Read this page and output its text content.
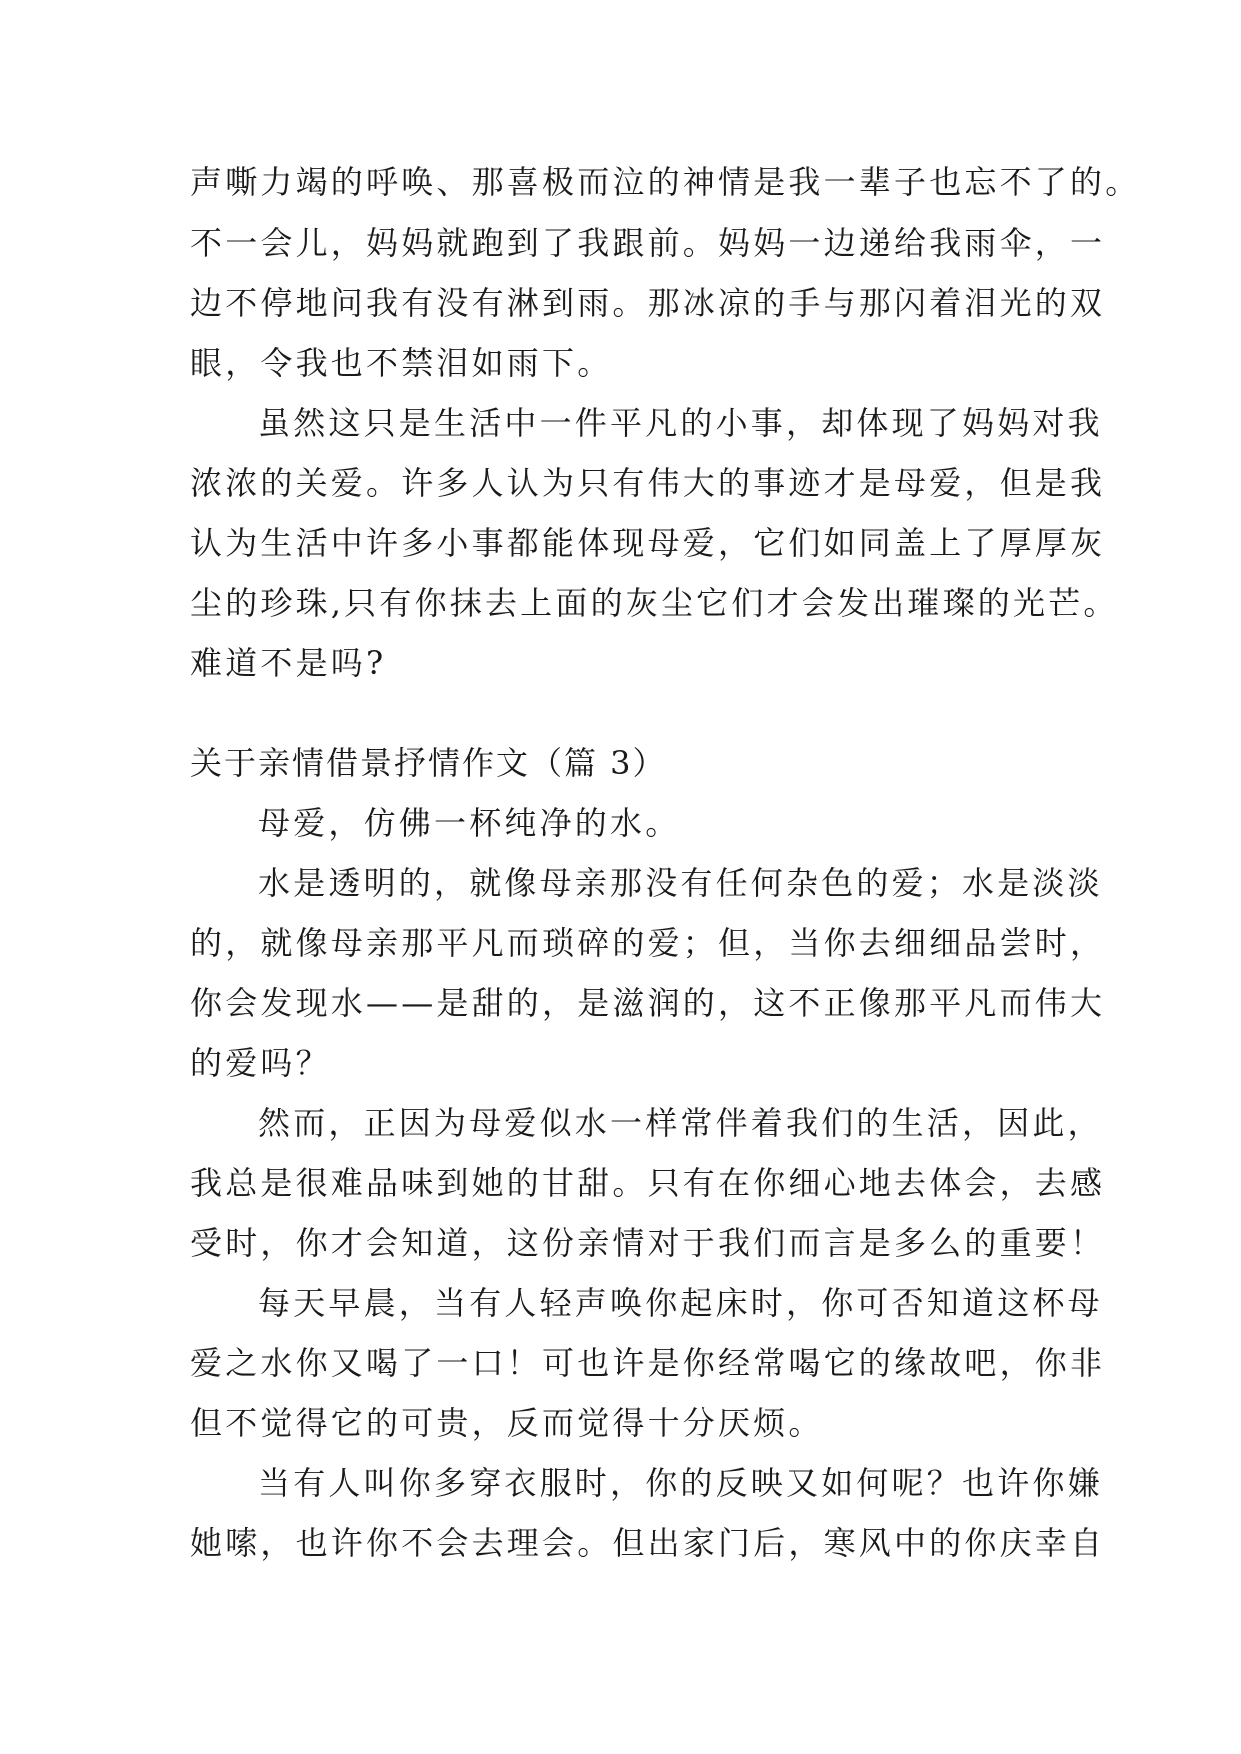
声嘶力竭的呼唤、那喜极而泣的神情是我一辈子也忘不了的。
不一会儿，妈妈就跑到了我跟前。妈妈一边递给我雨伞，一
边不停地问我有没有淋到雨。那冰凉的手与那闪着泪光的双
眼，令我也不禁泪如雨下。
虽然这只是生活中一件平凡的小事，却体现了妈妈对我
浓浓的关爱。许多人认为只有伟大的事迹才是母爱，但是我
认为生活中许多小事都能体现母爱，它们如同盖上了厚厚灰
尘的珍珠,只有你抹去上面的灰尘它们才会发出璀璨的光芒。
难道不是吗?
关于亲情借景抒情作文（篇 3）
母爱，仿佛一杯纯净的水。
水是透明的，就像母亲那没有任何杂色的爱；水是淡淡
的，就像母亲那平凡而琐碎的爱；但，当你去细细品尝时，
你会发现水——是甜的，是滋润的，这不正像那平凡而伟大
的爱吗？
然而，正因为母爱似水一样常伴着我们的生活，因此，
我总是很难品味到她的甘甜。只有在你细心地去体会，去感
受时，你才会知道，这份亲情对于我们而言是多么的重要！
每天早晨，当有人轻声唤你起床时，你可否知道这杯母
爱之水你又喝了一口！可也许是你经常喝它的缘故吧，你非
但不觉得它的可贵，反而觉得十分厌烦。
当有人叫你多穿衣服时，你的反映又如何呢？也许你嫌
她嗦，也许你不会去理会。但出家门后，寒风中的你庆幸自
